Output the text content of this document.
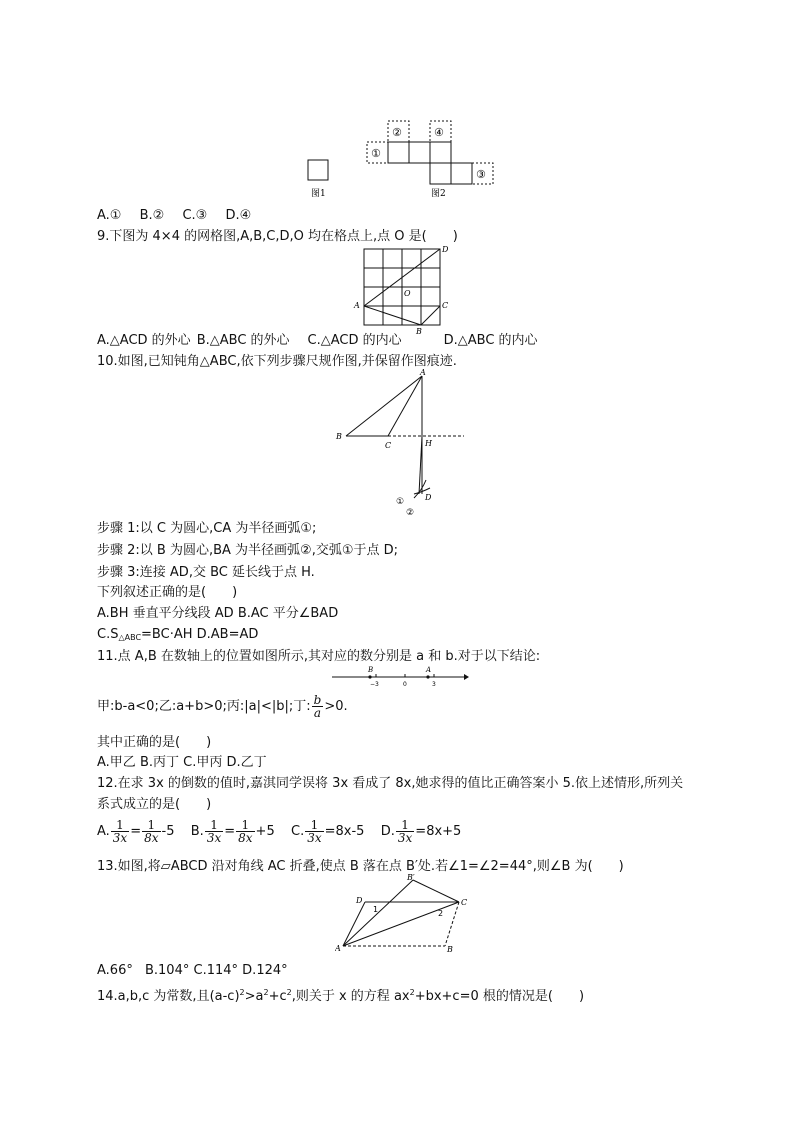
图1
①
②	④
③
图2
A.① B.② C.③ D.④
9.下图为 4×4 的网格图,A,B,C,D,O 均在格点上,点 O 是(　　)
D
O
A	C
B
A.△ACD 的外心 B.△ABC 的外心 C.△ACD 的内心	D.△ABC 的内心
10.如图,已知钝角△ABC,依下列步骤尺规作图,并保留作图痕迹.
A
B
C	H
D
①
②
步骤 1:以 C 为圆心,CA 为半径画弧①;
步骤 2:以 B 为圆心,BA 为半径画弧②,交弧①于点 D;
步骤 3:连接 AD,交 BC 延长线于点 H.
下列叙述正确的是(　　)
A.BH 垂直平分线段 AD B.AC 平分∠BAD
$C.S_{\triangle ABC}=BC\cdot AH$ D.AB=AD
11.点 A,B 在数轴上的位置如图所示,其对应的数分别是 a 和 b.对于以下结论:
B	A
−3	0	3
甲:b-a<0;乙:a+b>0;丙:|a|<|b|;丁: $\frac{b}{a} >0$.
其中正确的是(　　)
A.甲乙 B.丙丁 C.甲丙 D.乙丁
12.在求 3x 的倒数的值时,嘉淇同学误将 3x 看成了 8x,她求得的值比正确答案小 5.依上述情形,所列关
系式成立的是(　　)
A. $\frac{1}{3x} = \frac{1}{8x} -5$ B. $\frac{1}{3x} = \frac{1}{8x} +5$ C. $\frac{1}{3x} =8x-5$ D. $\frac{1}{3x} =8x+5$
13.如图,将▱ABCD 沿对角线 AC 折叠,使点 B 落在点 B′处.若∠1=∠2=44°,则∠B 为(　　)
B′
D	C
A	B
1	2
A.66° B.104° C.114° D.124°
14.a,b,c 为常数,且$(a-c)^2>a^2+c^2$,则关于 x 的方程 $ax^2+bx+c=0$ 根的情况是(　　)
